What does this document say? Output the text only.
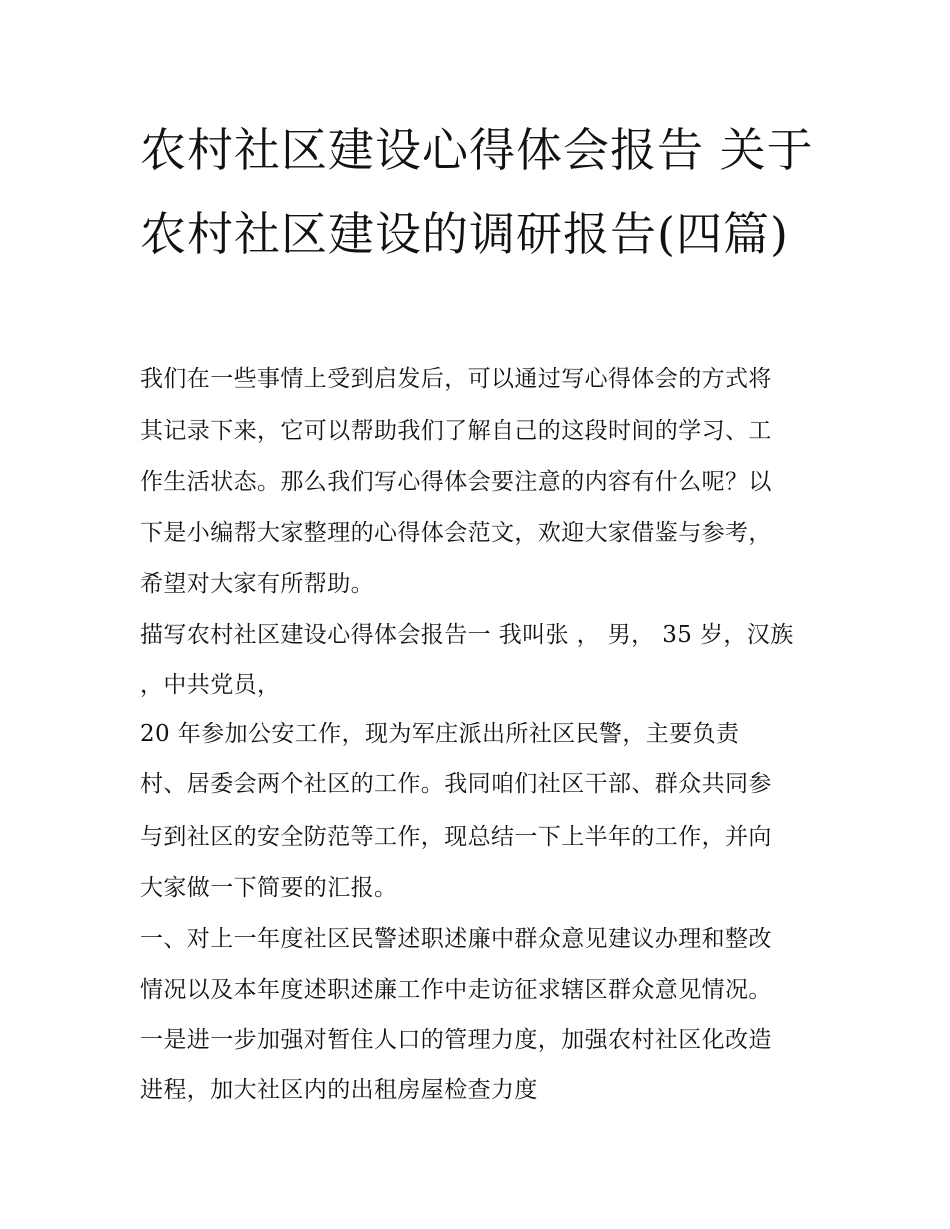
农村社区建设心得体会报告 关于农村社区建设的调研报告(四篇)

我们在一些事情上受到启发后，可以通过写心得体会的方式将

其记录下来，它可以帮助我们了解自己的这段时间的学习、工

作生活状态。那么我们写心得体会要注意的内容有什么呢？以

下是小编帮大家整理的心得体会范文，欢迎大家借鉴与参考，

希望对大家有所帮助。

描写农村社区建设心得体会报告一 我叫张 ， 男， 35 岁，汉族

，中共党员，

20 年参加公安工作，现为军庄派出所社区民警，主要负责

村、居委会两个社区的工作。我同咱们社区干部、群众共同参

与到社区的安全防范等工作，现总结一下上半年的工作，并向

大家做一下简要的汇报。

一、对上一年度社区民警述职述廉中群众意见建议办理和整改

情况以及本年度述职述廉工作中走访征求辖区群众意见情况。

一是进一步加强对暂住人口的管理力度，加强农村社区化改造

进程，加大社区内的出租房屋检查力度
